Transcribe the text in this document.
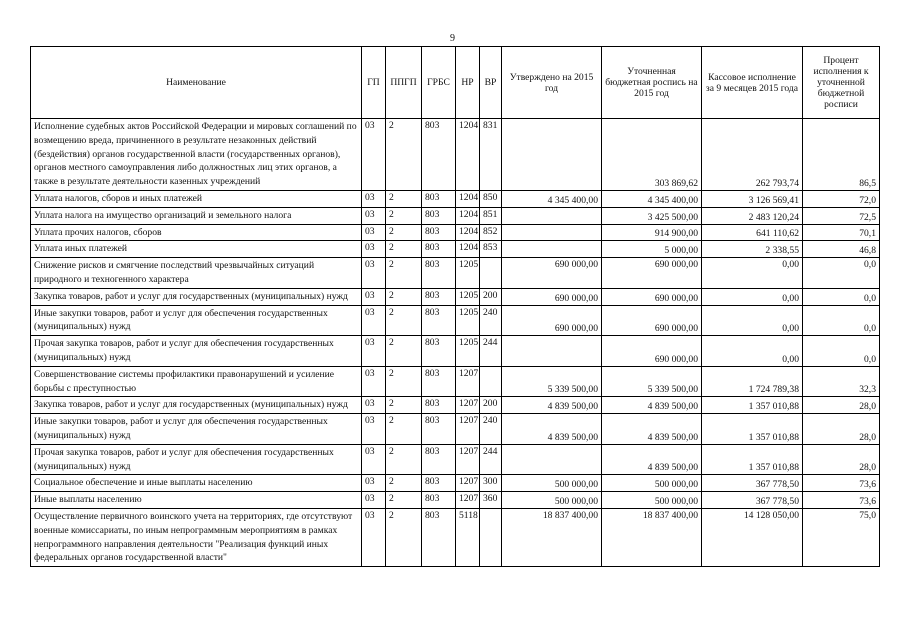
9
Наименование	ГП	ППГП	ГРБС	НР	ВР	Утверждено на 2015 год	Уточненная бюджетная роспись на 2015 год	Кассовое исполнение за 9 месяцев 2015 года	Процент исполнения к уточненной бюджетной росписи
Исполнение судебных актов Российской Федерации и мировых соглашений по возмещению вреда, причиненного в результате незаконных действий (бездействия) органов государственной власти (государственных органов), органов местного самоуправления либо должностных лиц этих органов, а также в результате деятельности казенных учреждений	03	2	803	1204	831		303 869,62	262 793,74	86,5
Уплата налогов, сборов и иных платежей	03	2	803	1204	850	4 345 400,00	4 345 400,00	3 126 569,41	72,0
Уплата налога на имущество организаций и земельного налога	03	2	803	1204	851		3 425 500,00	2 483 120,24	72,5
Уплата прочих налогов, сборов	03	2	803	1204	852		914 900,00	641 110,62	70,1
Уплата иных платежей	03	2	803	1204	853		5 000,00	2 338,55	46,8
Снижение рисков и смягчение последствий чрезвычайных ситуаций природного и техногенного характера	03	2	803	1205		690 000,00	690 000,00	0,00	0,0
Закупка товаров, работ и услуг для государственных (муниципальных) нужд	03	2	803	1205	200	690 000,00	690 000,00	0,00	0,0
Иные закупки товаров, работ и услуг для обеспечения государственных (муниципальных) нужд	03	2	803	1205	240	690 000,00	690 000,00	0,00	0,0
Прочая закупка товаров, работ и услуг для обеспечения государственных (муниципальных) нужд	03	2	803	1205	244		690 000,00	0,00	0,0
Совершенствование системы профилактики правонарушений и усиление борьбы с преступностью	03	2	803	1207		5 339 500,00	5 339 500,00	1 724 789,38	32,3
Закупка товаров, работ и услуг для государственных (муниципальных) нужд	03	2	803	1207	200	4 839 500,00	4 839 500,00	1 357 010,88	28,0
Иные закупки товаров, работ и услуг для обеспечения государственных (муниципальных) нужд	03	2	803	1207	240	4 839 500,00	4 839 500,00	1 357 010,88	28,0
Прочая закупка товаров, работ и услуг для обеспечения государственных (муниципальных) нужд	03	2	803	1207	244		4 839 500,00	1 357 010,88	28,0
Социальное обеспечение и иные выплаты населению	03	2	803	1207	300	500 000,00	500 000,00	367 778,50	73,6
Иные выплаты населению	03	2	803	1207	360	500 000,00	500 000,00	367 778,50	73,6
Осуществление первичного воинского учета на территориях, где отсутствуют военные комиссариаты, по иным непрограммным мероприятиям в рамках непрограммного направления деятельности "Реализация функций иных федеральных органов государственной власти"	03	2	803	5118		18 837 400,00	18 837 400,00	14 128 050,00	75,0
